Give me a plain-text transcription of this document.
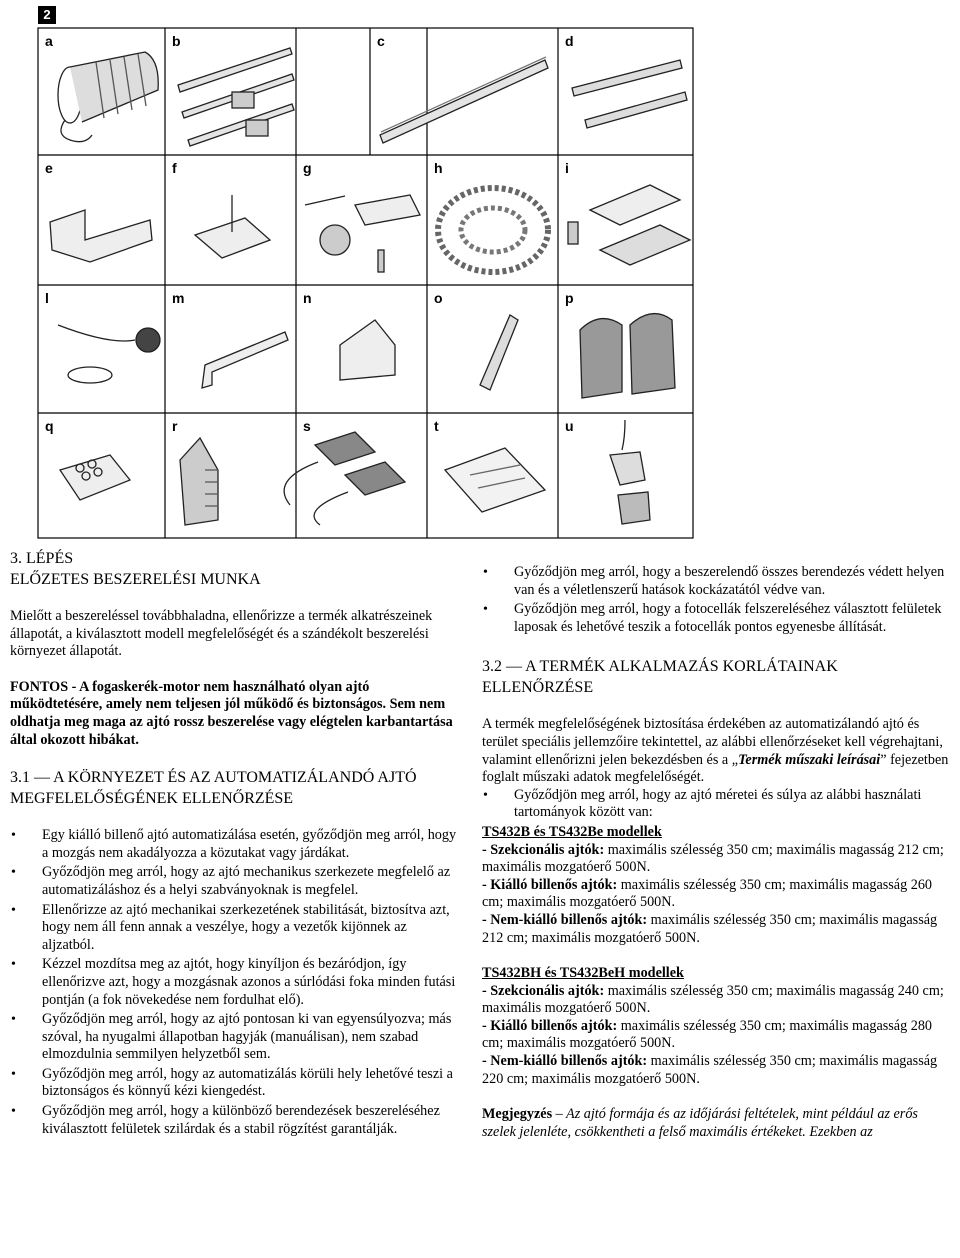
2
a	b	c	d
e	f	g	h	i
l	m	n	o	p
q	r	s	t	u

3. LÉPÉS

ELŐZETES BESZERELÉSI MUNKA

Mielőtt a beszereléssel továbbhaladna, ellenőrizze a termék alkatrészeinek állapotát, a kiválasztott modell megfelelőségét és a szándékolt beszerelési környezet állapotát.

FONTOS - A fogaskerék-motor nem használható olyan ajtó működtetésére, amely nem teljesen jól működő és biztonságos. Sem nem oldhatja meg maga az ajtó rossz beszerelése vagy elégtelen karbantartása által okozott hibákat.

3.1 — A KÖRNYEZET ÉS AZ AUTOMATIZÁLANDÓ AJTÓ MEGFELELŐSÉGÉNEK ELLENŐRZÉSE

• Egy kiálló billenő ajtó automatizálása esetén, győződjön meg arról, hogy a mozgás nem akadályozza a közutakat vagy járdákat.
• Győződjön meg arról, hogy az ajtó mechanikus szerkezete megfelelő az automatizáláshoz és a helyi szabványoknak is megfelel.
• Ellenőrizze az ajtó mechanikai szerkezetének stabilitását, biztosítva azt, hogy nem áll fenn annak a veszélye, hogy a vezetők kijönnek az aljzatból.
• Kézzel mozdítsa meg az ajtót, hogy kinyíljon és bezáródjon, így ellenőrizve azt, hogy a mozgásnak azonos a súrlódási foka minden futási pontján (a fok növekedése nem fordulhat elő).
• Győződjön meg arról, hogy az ajtó pontosan ki van egyensúlyozva; más szóval, ha nyugalmi állapotban hagyják (manuálisan), nem szabad elmozdulnia semmilyen helyzetből sem.
• Győződjön meg arról, hogy az automatizálás körüli hely lehetővé teszi a biztonságos és könnyű kézi kiengedést.
• Győződjön meg arról, hogy a különböző berendezések beszereléséhez kiválasztott felületek szilárdak és a stabil rögzítést garantálják.
• Győződjön meg arról, hogy a beszerelendő összes berendezés védett helyen van és a véletlenszerű hatások kockázatától védve van.
• Győződjön meg arról, hogy a fotocellák felszereléséhez választott felületek laposak és lehetővé teszik a fotocellák pontos egyenesbe állítását.

3.2 — A TERMÉK ALKALMAZÁS KORLÁTAINAK ELLENŐRZÉSE

A termék megfelelőségének biztosítása érdekében az automatizálandó ajtó és terület speciális jellemzőire tekintettel, az alábbi ellenőrzéseket kell végrehajtani, valamint ellenőrizni jelen bekezdésben és a „Termék műszaki leírásai” fejezetben foglalt műszaki adatok megfelelőségét.

• Győződjön meg arról, hogy az ajtó méretei és súlya az alábbi használati tartományok között van:

TS432B és TS432Be modellek

- Szekcionális ajtók: maximális szélesség 350 cm; maximális magasság 212 cm; maximális mozgatóerő 500N.

- Kiálló billenős ajtók: maximális szélesség 350 cm; maximális magasság 260 cm; maximális mozgatóerő 500N.

- Nem-kiálló billenős ajtók: maximális szélesség 350 cm; maximális magasság 212 cm; maximális mozgatóerő 500N.

TS432BH és TS432BeH modellek

- Szekcionális ajtók: maximális szélesség 350 cm; maximális magasság 240 cm; maximális mozgatóerő 500N.

- Kiálló billenős ajtók: maximális szélesség 350 cm; maximális magasság 280 cm; maximális mozgatóerő 500N.

- Nem-kiálló billenős ajtók: maximális szélesség 350 cm; maximális magasság 220 cm; maximális mozgatóerő 500N.

Megjegyzés – Az ajtó formája és az időjárási feltételek, mint például az erős szelek jelenléte, csökkentheti a felső maximális értékeket. Ezekben az
